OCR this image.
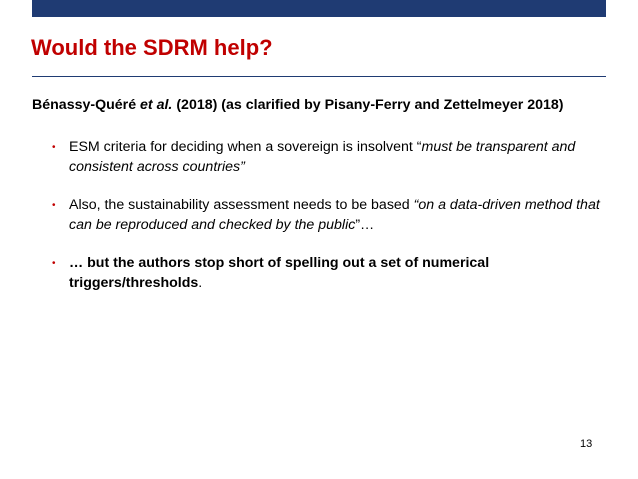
Would the SDRM help?
Bénassy-Quéré et al. (2018) (as clarified by Pisany-Ferry and Zettelmeyer 2018)
• ESM criteria for deciding when a sovereign is insolvent “must be transparent and consistent across countries”
• Also, the sustainability assessment needs to be based “on a data-driven method that can be reproduced and checked by the public”…
• … but the authors stop short of spelling out a set of numerical triggers/thresholds.
13
